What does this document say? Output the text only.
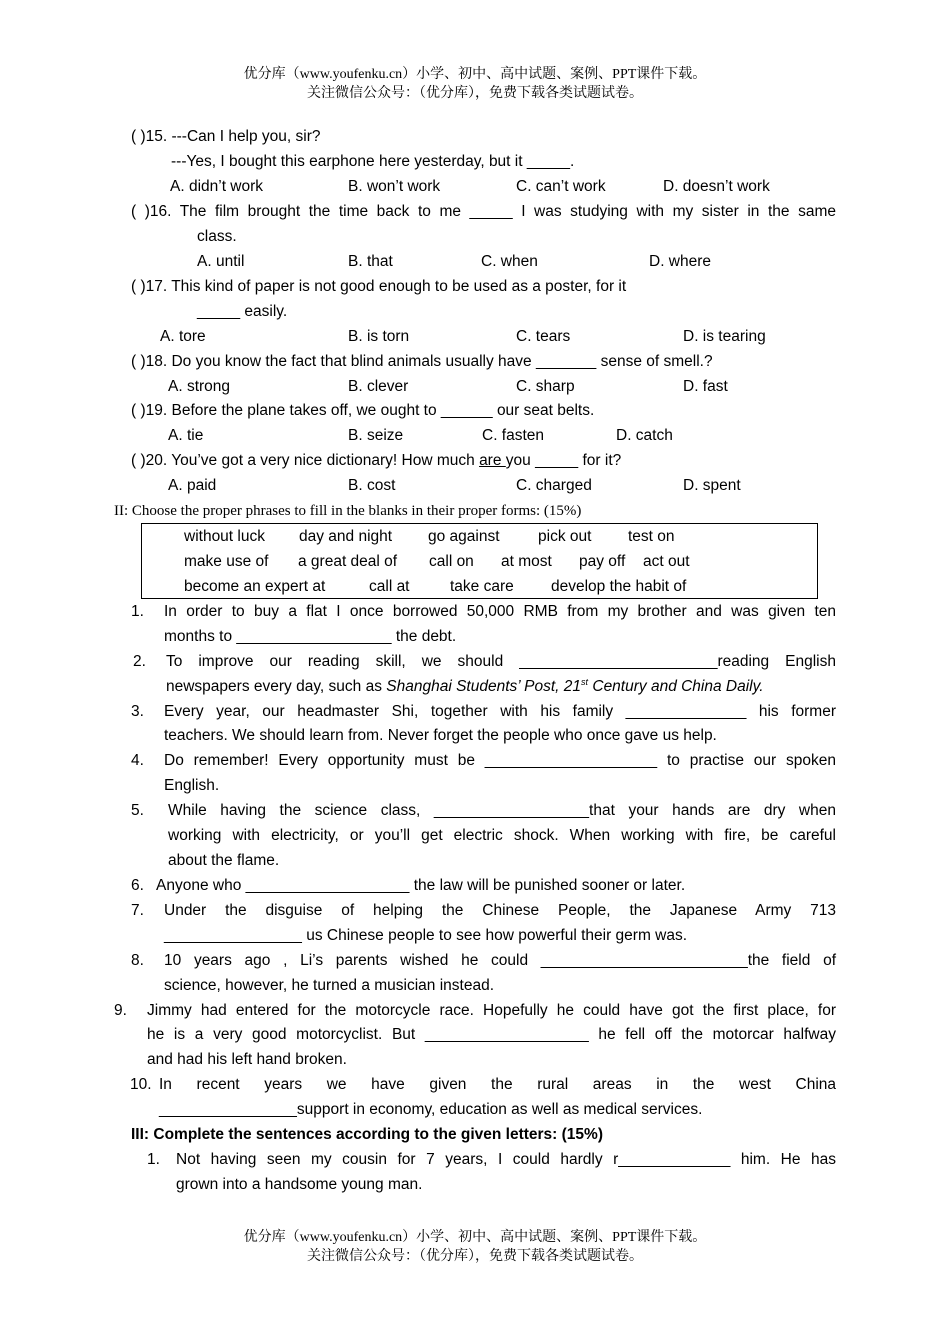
优分库（www.youfenku.cn）小学、初中、高中试题、案例、PPT课件下载。
关注微信公众号：（优分库），免费下载各类试题试卷。
( )15. ---Can I help you, sir?
---Yes, I bought this earphone here yesterday, but it _____.
A. didn’t work	B. won’t work	C. can’t work	D. doesn’t work
( )16. The film brought the time back to me _____ I was studying with my sister in the same
class.
A. until	B. that	C. when	D. where
( )17. This kind of paper is not good enough to be used as a poster, for it
_____ easily.
A. tore	B. is torn	C. tears	D. is tearing
( )18. Do you know the fact that blind animals usually have _______ sense of smell.?
A. strong	B. clever	C. sharp	D. fast
( )19. Before the plane takes off, we ought to ______ our seat belts.
A. tie	B. seize	C. fasten	D. catch
( )20. You’ve got a very nice dictionary! How much are you _____ for it?
A. paid	B. cost	C. charged	D. spent
II: Choose the proper phrases to fill in the blanks in their proper forms: (15%)
without luck day and night go against pick out test on
make use of a great deal of call on at most pay off act out
become an expert at	call at	take care develop the habit of
1. In order to buy a flat I once borrowed 50,000 RMB from my brother and was given ten
months to __________________ the debt.
2. To improve our reading skill, we should _______________________reading English
newspapers every day, such as Shanghai Students’ Post, 21st Century and China Daily.
3. Every year, our headmaster Shi, together with his family ______________ his former
teachers. We should learn from. Never forget the people who once gave us help.
4. Do remember! Every opportunity must be ____________________ to practise our spoken
English.
5. While having the science class, __________________that your hands are dry when
working with electricity, or you’ll get electric shock. When working with fire, be careful
about the flame.
6. Anyone who ___________________ the law will be punished sooner or later.
7. Under the disguise of helping the Chinese People, the Japanese Army 713
________________ us Chinese people to see how powerful their germ was.
8. 10 years ago , Li’s parents wished he could ________________________the field of
science, however, he turned a musician instead.
9. Jimmy had entered for the motorcycle race. Hopefully he could have got the first place, for
he is a very good motorcyclist. But ___________________ he fell off the motorcar halfway
and had his left hand broken.
10. In recent years we have given the rural areas in the west China
________________support in economy, education as well as medical services.
III: Complete the sentences according to the given letters: (15%)
1. Not having seen my cousin for 7 years, I could hardly r_____________ him. He has
grown into a handsome young man.
优分库（www.youfenku.cn）小学、初中、高中试题、案例、PPT课件下载。
关注微信公众号：（优分库），免费下载各类试题试卷。
